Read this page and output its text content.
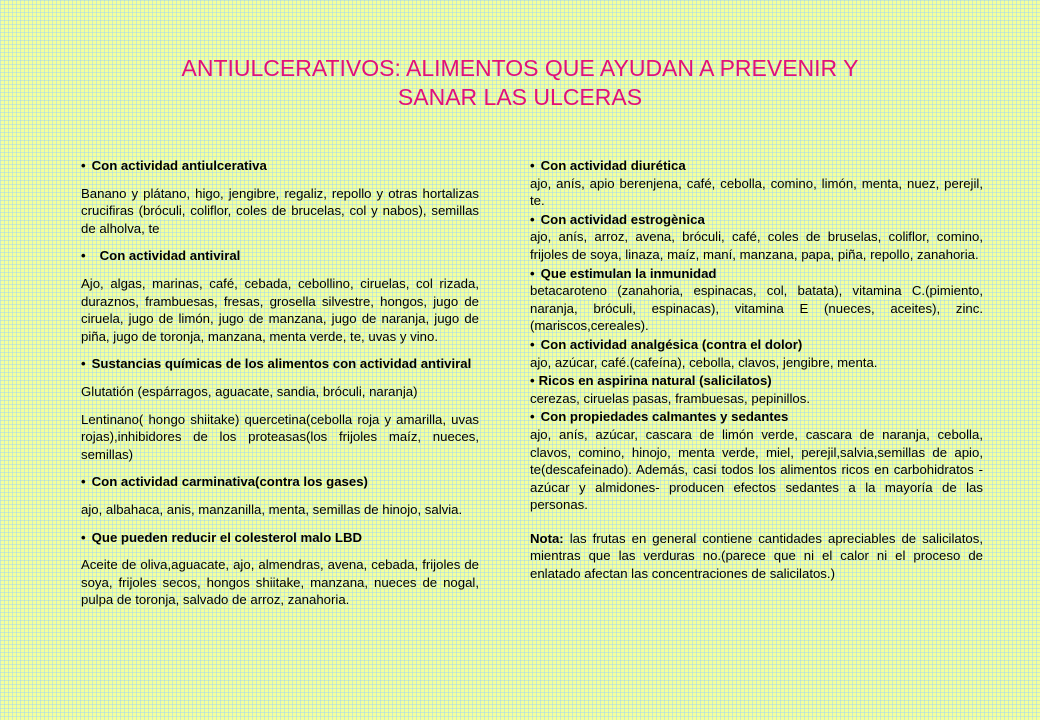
ANTIULCERATIVOS: ALIMENTOS QUE AYUDAN A PREVENIR Y
SANAR LAS ULCERAS
• Con actividad antiulcerativa
Banano y plátano, higo, jengibre, regaliz, repollo y otras hortalizas crucifiras (bróculi, coliflor, coles de brucelas, col y nabos), semillas de alholva, te
• Con actividad antiviral
Ajo, algas, marinas, café, cebada, cebollino, ciruelas, col rizada, duraznos, frambuesas, fresas, grosella silvestre, hongos, jugo de ciruela, jugo de limón, jugo de manzana, jugo de naranja, jugo de piña, jugo de toronja, manzana, menta verde, te, uvas y vino.
• Sustancias químicas de los alimentos con actividad antiviral
Glutatión (espárragos, aguacate, sandia, bróculi, naranja)
Lentinano( hongo shiitake) quercetina(cebolla roja y amarilla, uvas rojas),inhibidores de los proteasas(los frijoles maíz, nueces, semillas)
• Con actividad carminativa(contra los gases)
ajo, albahaca, anis, manzanilla, menta, semillas de hinojo, salvia.
• Que pueden reducir el colesterol malo LBD
Aceite de oliva,aguacate, ajo, almendras, avena, cebada, frijoles de soya, frijoles secos, hongos shiitake, manzana, nueces de nogal, pulpa de toronja, salvado de arroz, zanahoria.
• Con actividad diurética
ajo, anís, apio berenjena, café, cebolla, comino, limón, menta, nuez, perejil, te.
• Con actividad estrogènica
ajo, anís, arroz, avena, bróculi, café, coles de bruselas, coliflor, comino, frijoles de soya, linaza, maíz, maní, manzana, papa, piña, repollo, zanahoria.
• Que estimulan la inmunidad
betacaroteno (zanahoria, espinacas, col, batata), vitamina C.(pimiento, naranja, bróculi, espinacas), vitamina E (nueces, aceites), zinc.(mariscos,cereales).
• Con actividad analgésica (contra el dolor)
ajo, azúcar, café.(cafeína), cebolla, clavos, jengibre, menta.
• Ricos en aspirina natural (salicilatos)
cerezas, ciruelas pasas, frambuesas, pepinillos.
• Con propiedades calmantes y sedantes
ajo, anís, azúcar, cascara de limón verde, cascara de naranja, cebolla, clavos, comino, hinojo, menta verde, miel, perejil,salvia,semillas de apio, te(descafeinado). Además, casi todos los alimentos ricos en carbohidratos -azúcar y almidones- producen efectos sedantes a la mayoría de las personas.
Nota: las frutas en general contiene cantidades apreciables de salicilatos, mientras que las verduras no.(parece que ni el calor ni el proceso de enlatado afectan las concentraciones de salicilatos.)
